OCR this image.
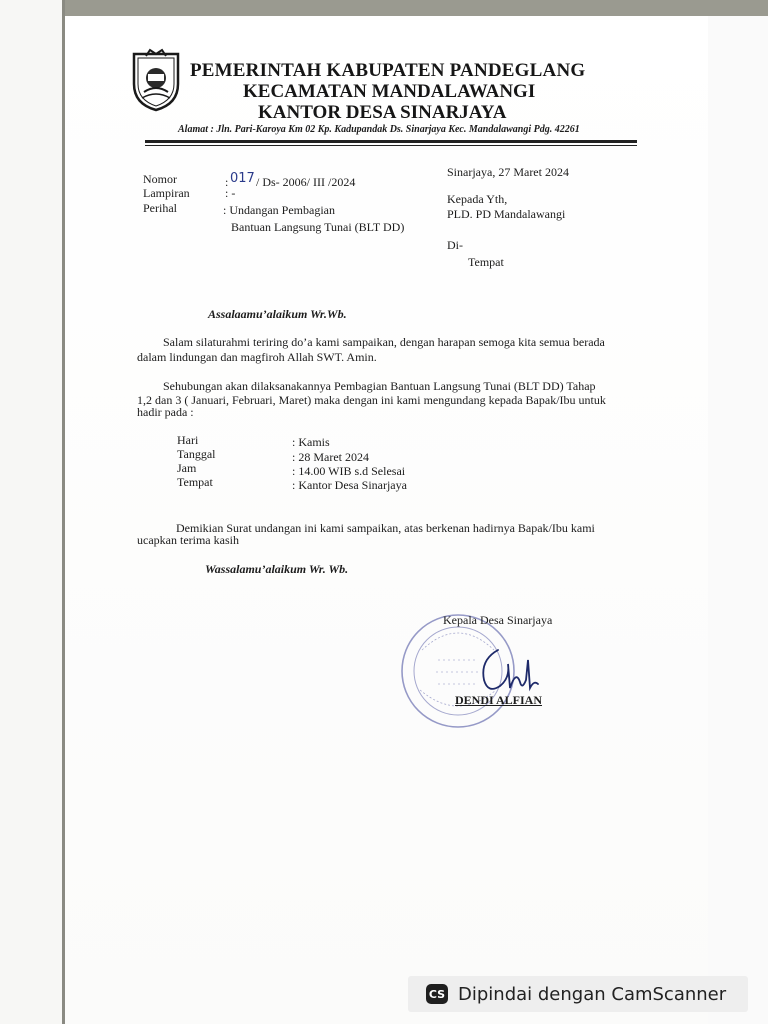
PEMERINTAH KABUPATEN PANDEGLANG
KECAMATAN MANDALAWANGI
KANTOR DESA SINARJAYA
Alamat : Jln. Pari-Karoya Km 02 Kp. Kadupandak Ds. Sinarjaya Kec. Mandalawangi Pdg. 42261
Nomor	: 017 / Ds- 2006/ III /2024
Lampiran	: -
Perihal	: Undangan Pembagian
Bantuan Langsung Tunai (BLT DD)
Sinarjaya, 27 Maret 2024
Kepada Yth,
PLD. PD Mandalawangi
Di-
Tempat
Assalaamu’alaikum Wr.Wb.
Salam silaturahmi teriring do’a kami sampaikan, dengan harapan semoga kita semua berada
dalam lindungan dan magfiroh Allah SWT. Amin.
Sehubungan akan dilaksanakannya Pembagian Bantuan Langsung Tunai (BLT DD) Tahap
1,2 dan 3 ( Januari, Februari, Maret) maka dengan ini kami mengundang kepada Bapak/Ibu untuk
hadir pada :
Hari	: Kamis
Tanggal	: 28 Maret 2024
Jam	: 14.00 WIB s.d Selesai
Tempat	: Kantor Desa Sinarjaya
Demikian Surat undangan ini kami sampaikan, atas berkenan hadirnya Bapak/Ibu kami
ucapkan terima kasih
Wassalamu’alaikum Wr. Wb.
Kepala Desa Sinarjaya
DENDI ALFIAN
CS Dipindai dengan CamScanner
